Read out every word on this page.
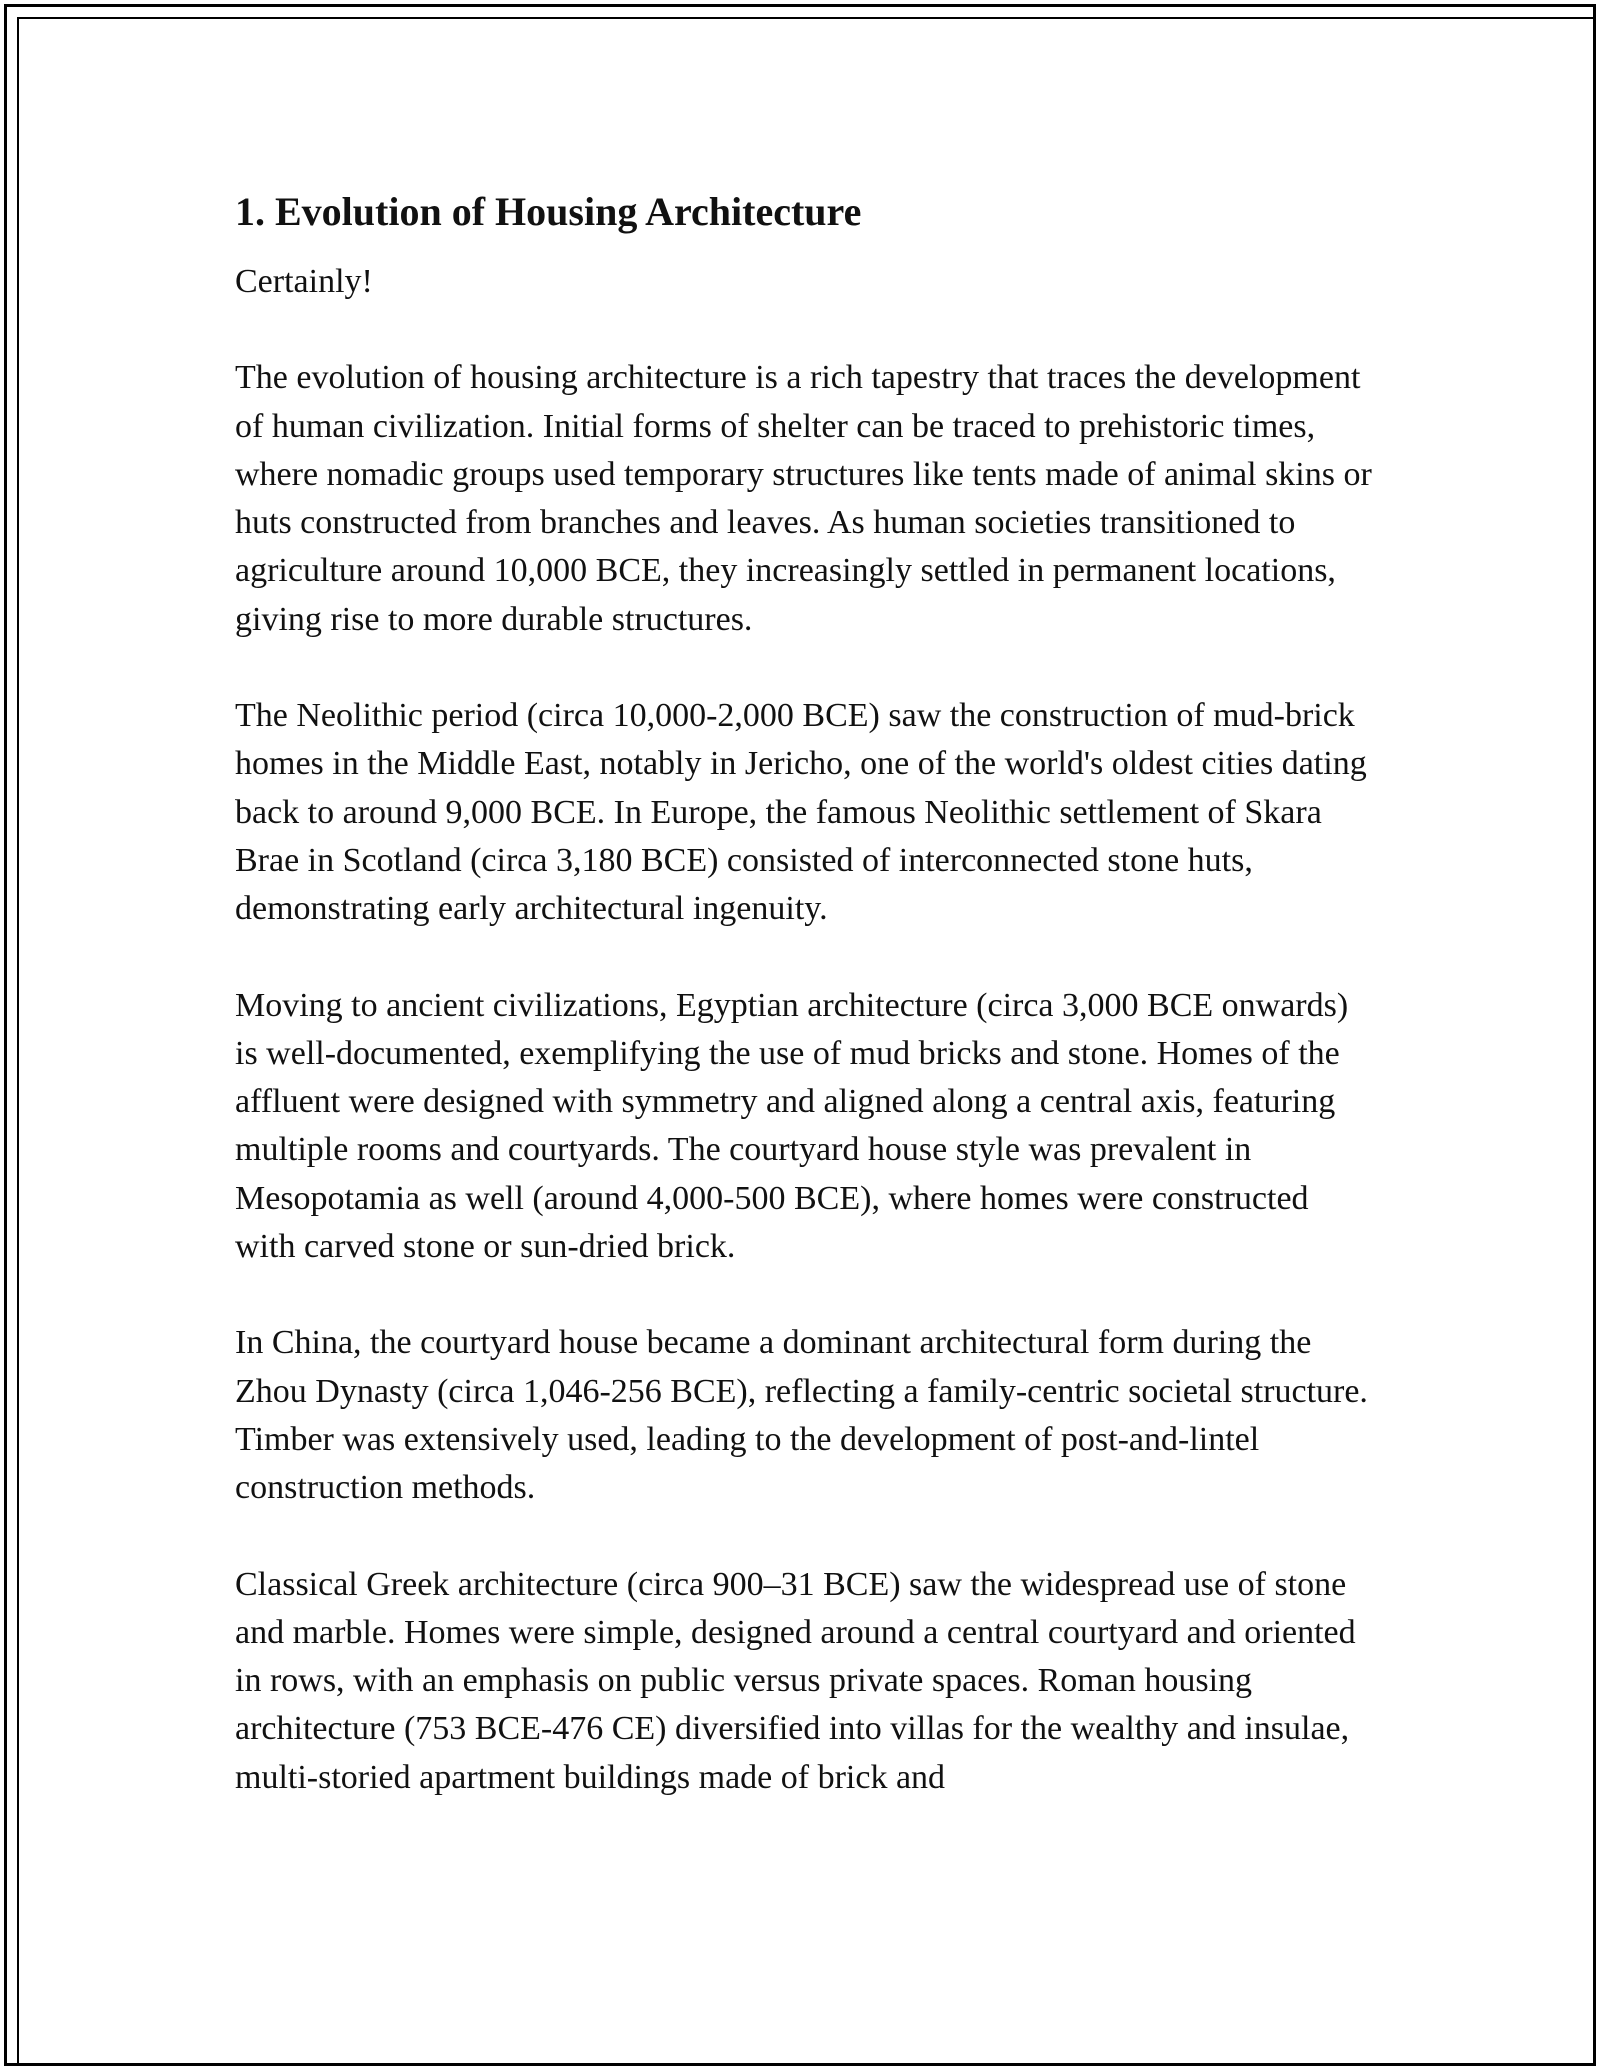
1. Evolution of Housing Architecture

Certainly!

The evolution of housing architecture is a rich tapestry that traces the development of human civilization. Initial forms of shelter can be traced to prehistoric times, where nomadic groups used temporary structures like tents made of animal skins or huts constructed from branches and leaves. As human societies transitioned to agriculture around 10,000 BCE, they increasingly settled in permanent locations, giving rise to more durable structures.

The Neolithic period (circa 10,000-2,000 BCE) saw the construction of mud-brick homes in the Middle East, notably in Jericho, one of the world's oldest cities dating back to around 9,000 BCE. In Europe, the famous Neolithic settlement of Skara Brae in Scotland (circa 3,180 BCE) consisted of interconnected stone huts, demonstrating early architectural ingenuity.

Moving to ancient civilizations, Egyptian architecture (circa 3,000 BCE onwards) is well-documented, exemplifying the use of mud bricks and stone. Homes of the affluent were designed with symmetry and aligned along a central axis, featuring multiple rooms and courtyards. The courtyard house style was prevalent in Mesopotamia as well (around 4,000-500 BCE), where homes were constructed with carved stone or sun-dried brick.

In China, the courtyard house became a dominant architectural form during the Zhou Dynasty (circa 1,046-256 BCE), reflecting a family-centric societal structure. Timber was extensively used, leading to the development of post-and-lintel construction methods.

Classical Greek architecture (circa 900–31 BCE) saw the widespread use of stone and marble. Homes were simple, designed around a central courtyard and oriented in rows, with an emphasis on public versus private spaces. Roman housing architecture (753 BCE-476 CE) diversified into villas for the wealthy and insulae, multi-storied apartment buildings made of brick and
